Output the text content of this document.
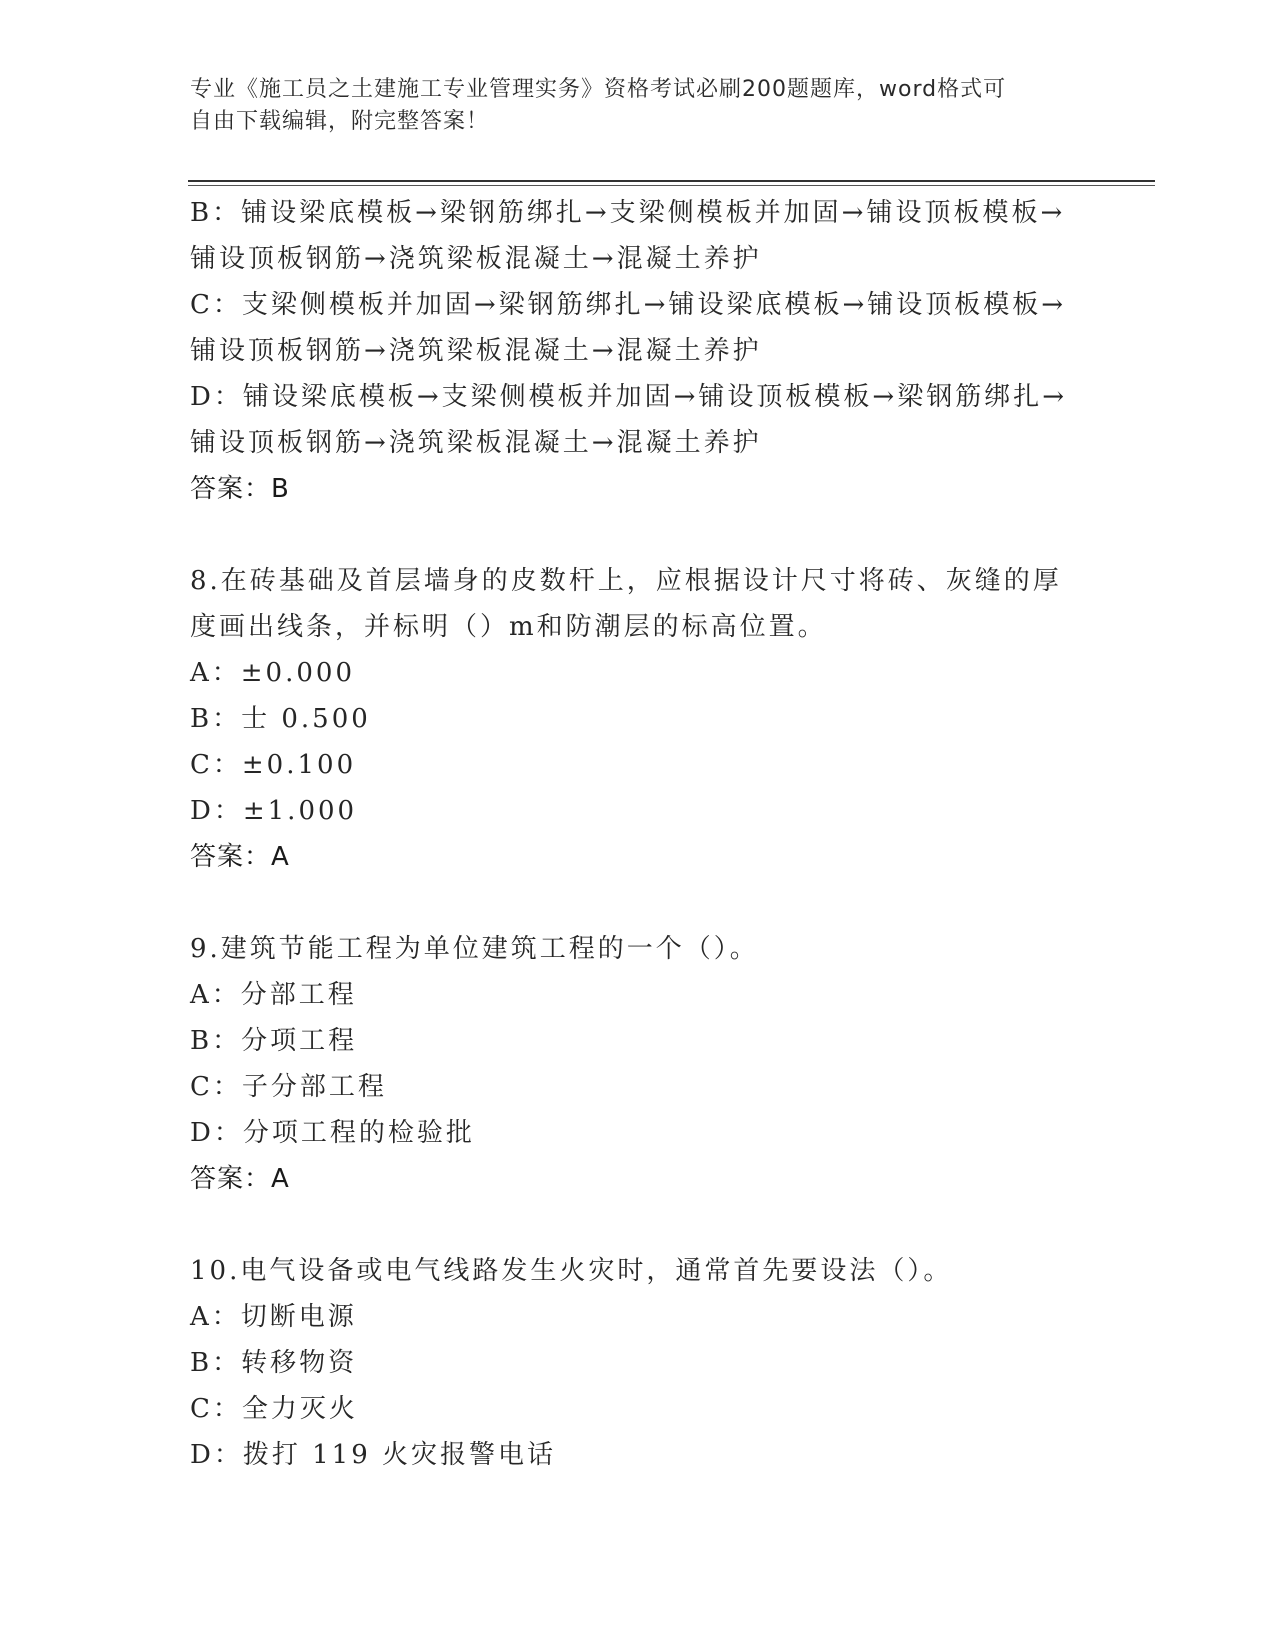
专业《施工员之土建施工专业管理实务》资格考试必刷200题题库，word格式可
自由下载编辑，附完整答案！
B：铺设梁底模板→梁钢筋绑扎→支梁侧模板并加固→铺设顶板模板→
铺设顶板钢筋→浇筑梁板混凝土→混凝土养护
C：支梁侧模板并加固→梁钢筋绑扎→铺设梁底模板→铺设顶板模板→
铺设顶板钢筋→浇筑梁板混凝土→混凝土养护
D：铺设梁底模板→支梁侧模板并加固→铺设顶板模板→梁钢筋绑扎→
铺设顶板钢筋→浇筑梁板混凝土→混凝土养护
答案：B
8.在砖基础及首层墙身的皮数杆上，应根据设计尺寸将砖、灰缝的厚
度画出线条，并标明（）m和防潮层的标高位置。
A：±0.000
B：士 0.500
C：±0.100
D：±1.000
答案：A
9.建筑节能工程为单位建筑工程的一个（）。
A：分部工程
B：分项工程
C：子分部工程
D：分项工程的检验批
答案：A
10.电气设备或电气线路发生火灾时，通常首先要设法（）。
A：切断电源
B：转移物资
C：全力灭火
D：拨打 119 火灾报警电话
